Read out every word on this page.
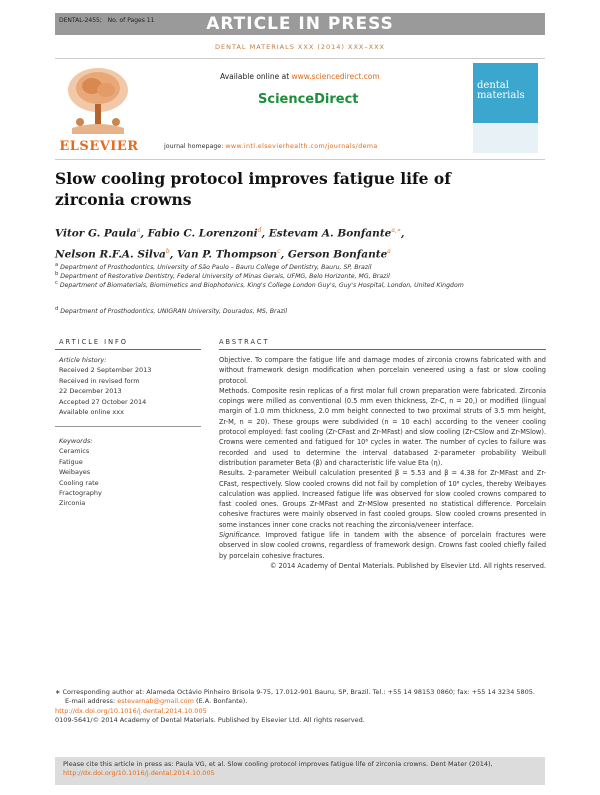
DENTAL-2455; No. of Pages 11	ARTICLE IN PRESS
DENTAL MATERIALS XXX (2014) XXX–XXX
ELSEVIER
Available online at www.sciencedirect.com
ScienceDirect
journal homepage: www.intl.elsevierhealth.com/journals/dema
dental
materials
Slow cooling protocol improves fatigue life of zirconia crowns
Vitor G. Paula$^a$, Fabio C. Lorenzoni$^d$, Estevam A. Bonfante$^{a,∗}$,
Nelson R.F.A. Silva$^b$, Van P. Thompson$^c$, Gerson Bonfante$^a$
$^a$ Department of Prosthodontics, University of São Paulo – Bauru College of Dentistry, Bauru, SP, Brazil
$^b$ Department of Restorative Dentistry, Federal University of Minas Gerais, UFMG, Belo Horizonte, MG, Brazil
$^c$ Department of Biomaterials, Biomimetics and Biophotonics, King's College London Guy's, Guy's Hospital, London, United Kingdom
$^d$ Department of Prosthodontics, UNIGRAN University, Dourados, MS, Brazil
ARTICLE INFO	ABSTRACT
Article history:
Received 2 September 2013
Received in revised form
22 December 2013
Accepted 27 October 2014
Available online xxx
Keywords:
Ceramics
Fatigue
Weibayes
Cooling rate
Fractography
Zirconia

Objective. To compare the fatigue life and damage modes of zirconia crowns fabricated with and without framework design modification when porcelain veneered using a fast or slow cooling protocol.

Methods. Composite resin replicas of a first molar full crown preparation were fabricated. Zirconia copings were milled as conventional (0.5 mm even thickness, Zr-C, n = 20,) or modified (lingual margin of 1.0 mm thickness, 2.0 mm height connected to two proximal struts of 3.5 mm height, Zr-M, n = 20). These groups were subdivided (n = 10 each) according to the veneer cooling protocol employed: fast cooling (Zr-CFast and Zr-MFast) and slow cooling (Zr-CSlow and Zr-MSlow). Crowns were cemented and fatigued for 10⁶ cycles in water. The number of cycles to failure was recorded and used to determine the interval databased 2-parameter probability Weibull distribution parameter Beta (β) and characteristic life value Eta (η).

Results. 2-parameter Weibull calculation presented β = 5.53 and β = 4.38 for Zr-MFast and Zr-CFast, respectively. Slow cooled crowns did not fail by completion of 10⁶ cycles, thereby Weibayes calculation was applied. Increased fatigue life was observed for slow cooled crowns compared to fast cooled ones. Groups Zr-MFast and Zr-MSlow presented no statistical difference. Porcelain cohesive fractures were mainly observed in fast cooled groups. Slow cooled crowns presented in some instances inner cone cracks not reaching the zirconia/veneer interface.

Significance. Improved fatigue life in tandem with the absence of porcelain fractures were observed in slow cooled crowns, regardless of framework design. Crowns fast cooled chiefly failed by porcelain cohesive fractures.

© 2014 Academy of Dental Materials. Published by Elsevier Ltd. All rights reserved.

∗ Corresponding author at: Alameda Octávio Pinheiro Brisola 9-75, 17.012-901 Bauru, SP, Brazil. Tel.: +55 14 98153 0860; fax: +55 14 3234 5805.
E-mail address: estevamab@gmail.com (E.A. Bonfante).
http://dx.doi.org/10.1016/j.dental.2014.10.005
0109-5641/© 2014 Academy of Dental Materials. Published by Elsevier Ltd. All rights reserved.
Please cite this article in press as: Paula VG, et al. Slow cooling protocol improves fatigue life of zirconia crowns. Dent Mater (2014),
http://dx.doi.org/10.1016/j.dental.2014.10.005
